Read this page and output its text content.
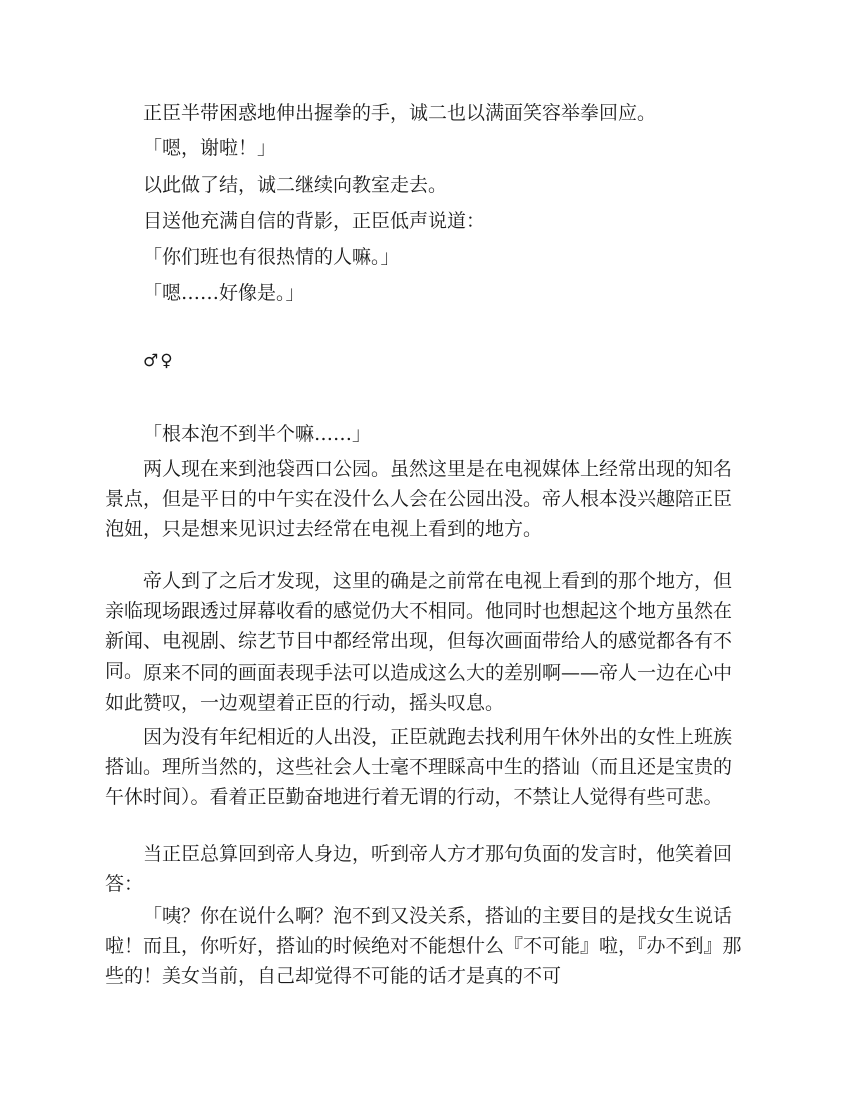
正臣半带困惑地伸出握拳的手，诚二也以满面笑容举拳回应。
「嗯，谢啦！」
以此做了结，诚二继续向教室走去。
目送他充满自信的背影，正臣低声说道：
「你们班也有很热情的人嘛。」
「嗯……好像是。」
♂♀
「根本泡不到半个嘛……」

两人现在来到池袋西口公园。虽然这里是在电视媒体上经常出现的知名景点，但是平日的中午实在没什么人会在公园出没。帝人根本没兴趣陪正臣泡妞，只是想来见识过去经常在电视上看到的地方。

帝人到了之后才发现，这里的确是之前常在电视上看到的那个地方，但亲临现场跟透过屏幕收看的感觉仍大不相同。他同时也想起这个地方虽然在新闻、电视剧、综艺节目中都经常出现，但每次画面带给人的感觉都各有不同。 原来不同的画面表现手法可以造成这么大的差别啊——帝人一边在心中如此赞叹，一边观望着正臣的行动，摇头叹息。

因为没有年纪相近的人出没，正臣就跑去找利用午休外出的女性上班族搭讪。理所当然的，这些社会人士毫不理睬高中生的搭讪（而且还是宝贵的午休时间）。看着正臣勤奋地进行着无谓的行动，不禁让人觉得有些可悲。

当正臣总算回到帝人身边，听到帝人方才那句负面的发言时，他笑着回答：

「咦？你在说什么啊？泡不到又没关系，搭讪的主要目的是找女生说话啦！而且，你听好，搭讪的时候绝对不能想什么『不可能』啦，『办不到』那些的！美女当前，自己却觉得不可能的话才是真的不可
